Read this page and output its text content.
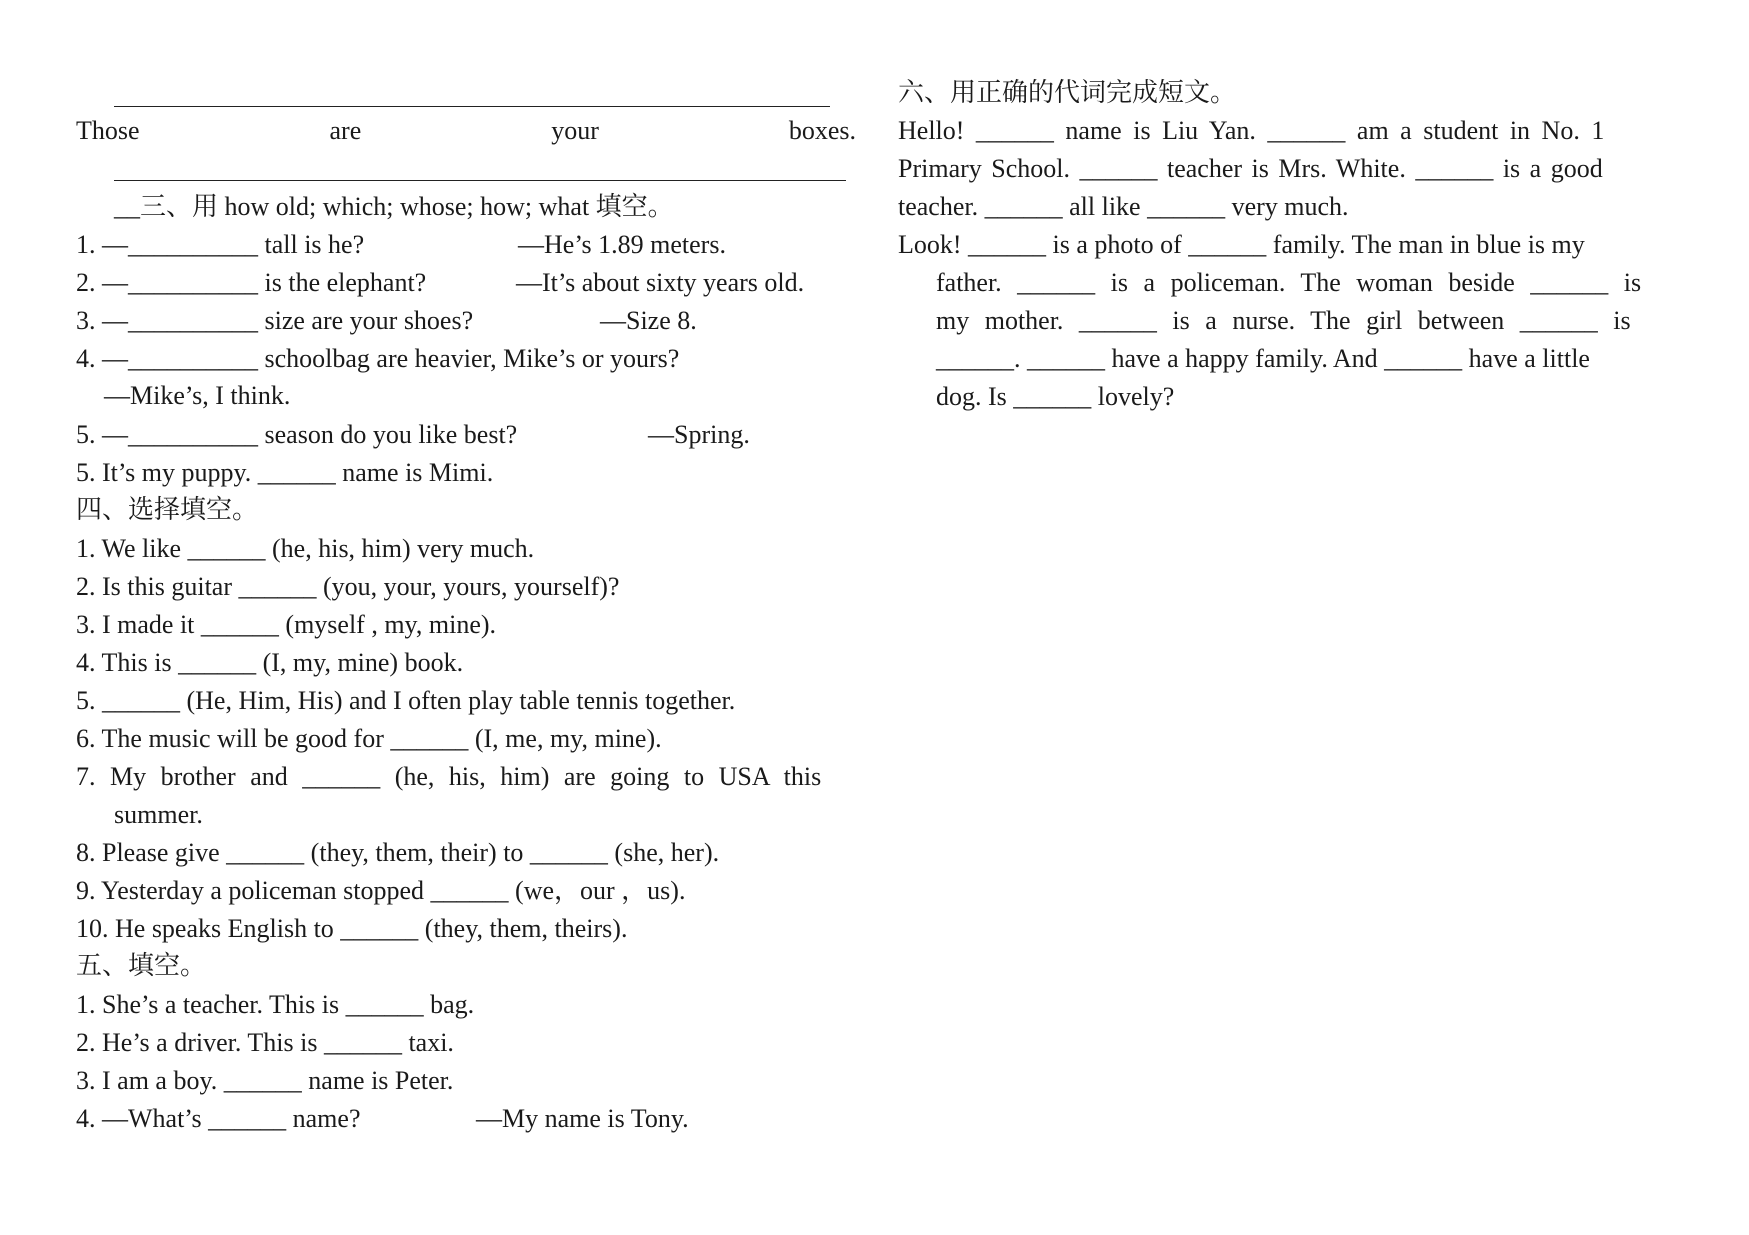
Those	are	your	boxes.
__三、用 how old; which; whose; how; what 填空。
1. —__________ tall is he?	—He’s 1.89 meters.
2. —__________ is the elephant?	—It’s about sixty years old.
3. —__________ size are your shoes?	—Size 8.
4. —__________ schoolbag are heavier, Mike’s or yours?
—Mike’s, I think.
5. —__________ season do you like best?	—Spring.
5. It’s my puppy. ______ name is Mimi.
四、选择填空。
1. We like ______ (he, his, him) very much.
2. Is this guitar ______ (you, your, yours, yourself)?
3. I made it ______ (myself , my, mine).
4. This is ______ (I, my, mine) book.
5. ______ (He, Him, His) and I often play table tennis together.
6. The music will be good for ______ (I, me, my, mine).
7. My brother and ______ (he, his, him) are going to USA this
summer.
8. Please give ______ (they, them, their) to ______ (she, her).
9. Yesterday a policeman stopped ______ (we，our ，us).
10. He speaks English to ______ (they, them, theirs).
五、填空。
1. She’s a teacher. This is ______ bag.
2. He’s a driver. This is ______ taxi.
3. I am a boy. ______ name is Peter.
4. —What’s ______ name?	—My name is Tony.
六、用正确的代词完成短文。
Hello! ______ name is Liu Yan. ______ am a student in No. 1
Primary School. ______ teacher is Mrs. White. ______ is a good
teacher. ______ all like ______ very much.
Look! ______ is a photo of ______ family. The man in blue is my
father. ______ is a policeman. The woman beside ______ is
my mother. ______ is a nurse. The girl between ______ is
______. ______ have a happy family. And ______ have a little
dog. Is ______ lovely?
